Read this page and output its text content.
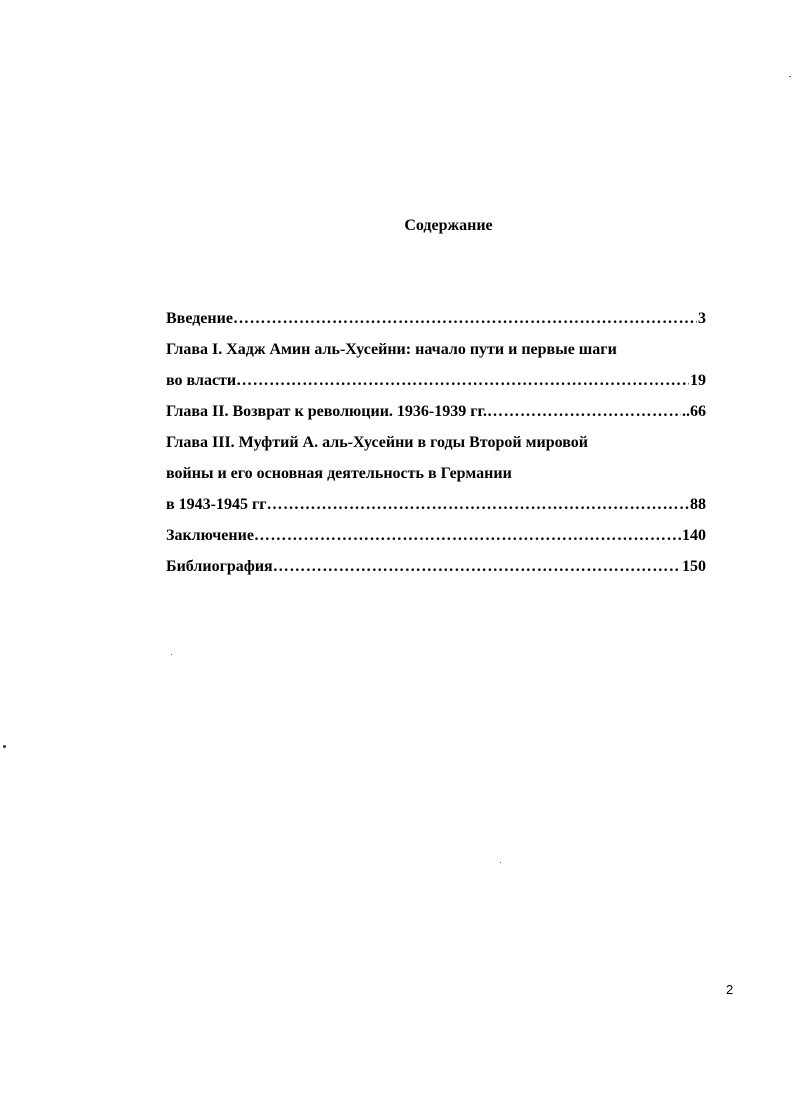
Содержание
Введение …………………………………………………………………………………………………………………………………	3
Глава I. Хадж Амин аль-Хусейни: начало пути и первые шаги
во власти …………………………………………………………………………………………………………………………………	19
Глава II. Возврат к революции. 1936-1939 гг. …………………………………………………………………………………………………………………………………	..66
Глава III. Муфтий А. аль-Хусейни в годы Второй мировой
войны и его основная деятельность в Германии
в 1943-1945 гг …………………………………………………………………………………………………………………………………	88
Заключение …………………………………………………………………………………………………………………………………	140
Библиография …………………………………………………………………………………………………………………………………	150
2
